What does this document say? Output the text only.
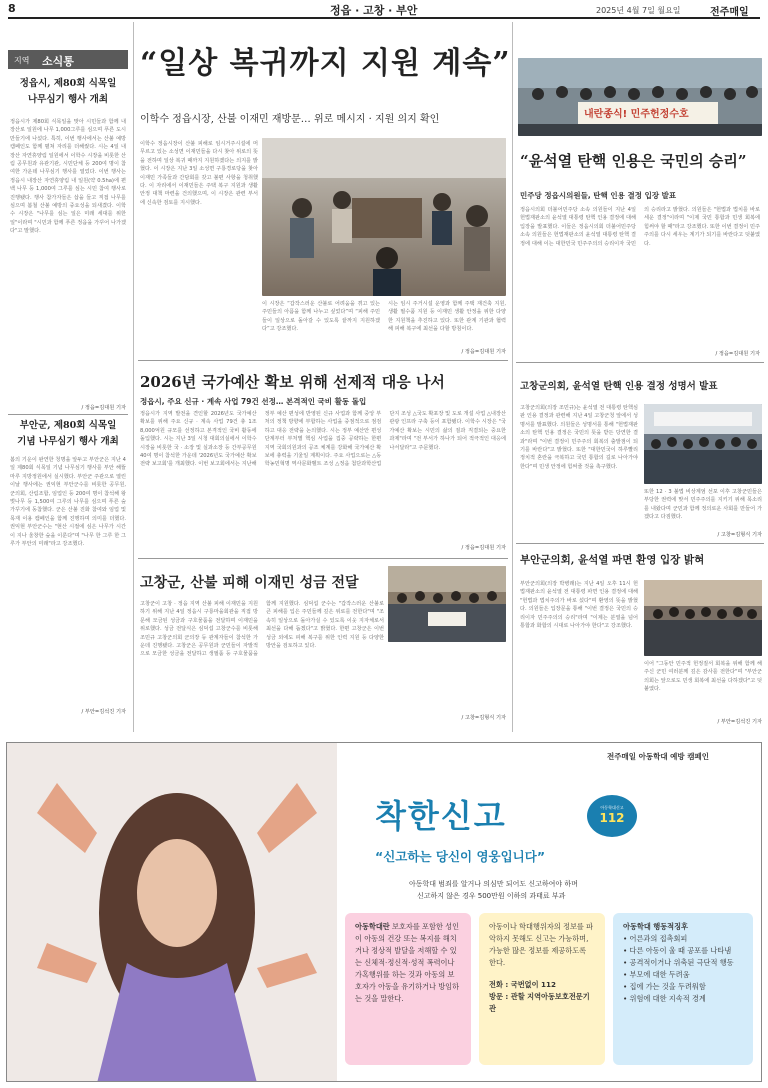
8	정읍 · 고창 · 부안	2025년 4월 7일 월요일	전주매일
지역 소식통
정읍시, 제80회 식목일
나무심기 행사 개최
정읍시가 제80회 식목일을 맞아 시민들과 함께 내장산로 일원에 나무 1,000그루를 심으며 푸른 도시 만들기에 나섰다. 특히, 이번 행사에서는 산불 예방 캠페인도 함께 펼쳐 자리를 더해줬다. 시는 4일 내장산 자연휴양림 일원에서 이학수 시장을 비롯한 산림 공무원과 유관기관, 시민단체 등 200여 명이 참여한 가운데 나무심기 행사를 열었다. 이번 행사는 정읍시 내장산 자연휴양림 내 일원(약 0.5ha)에 편백 나무 등 1,000여 그루를 심는 시민 참여 행사로 진행됐다. 행사 참가자들은 삽을 들고 직접 나무를 심으며 봄철 산불 예방의 중요성을 되새겼다. 이학수 시장은 "나무를 심는 일은 미래 세대를 위한 일"이라며 "시민과 함께 푸른 정읍을 가꾸어 나가겠다"고 말했다.
/ 정읍=김대원 기자
부안군, 제80회 식목일
기념 나무심기 행사 개최
봄의 기운이 완연한 청명을 앞두고 부안군은 지난 4일 제80회 식목일 기념 나무심기 행사를 부안 해뜰마루 지방정원에서 실시했다. 부안군 주관으로 열린 이날 행사에는 권익현 부안군수를 비롯한 공무원, 군의회, 산림조합, 임업인 등 200여 명이 참석해 왕벚나무 등 1,500여 그루의 나무를 심으며 푸른 숲 가꾸기에 동참했다. 군은 산불 진화 참여와 임업 및 목재 이용 캠페인을 함께 진행하며 의미를 더했다. 권익현 부안군수는 "현산 시절에 심은 나무가 시간이 지나 울창한 숲을 이룬다"며 "나무 한 그루 한 그루가 부안의 미래"라고 강조했다.
/ 부안=김석진 기자
“일상 복귀까지 지원 계속”
이학수 정읍시장, 산불 이재민 재방문… 위로 메시지 · 지원 의지 확인
이학수 정읍시장이 산불 피해로 임시거주시설에 머무르고 있는 소성면 이재민들을 다시 찾아 위로의 뜻을 전하며 일상 복귀 때까지 지원하겠다는 의지를 밝혔다. 이 시장은 지난 3일 소성면 구룡경로당을 찾아 이재민 가족들과 간담회를 갖고 불편 사항을 청취했다. 이 자리에서 이재민들은 주택 복구 지원과 생활 안정 대책 마련을 건의했으며, 이 시장은 관련 부서에 신속한 검토를 지시했다.
이 시장은 “갑작스러운 산불로 어려움을 겪고 있는 주민들의 아픔을 함께 나누고 싶었다”며 “피해 주민들이 일상으로 돌아갈 수 있도록 끝까지 지원하겠다”고 강조했다.
시는 임시 주거시설 운영과 함께 주택 재건축 지원, 생활 필수품 지원 등 이재민 생활 안정을 위한 다양한 지원책을 추진하고 있다. 또한 관계 기관과 협력해 피해 복구에 최선을 다할 방침이다.
/ 정읍=김대원 기자
내란종식! 민주헌정수호
“윤석열 탄핵 인용은 국민의 승리”
민주당 정읍시의원들, 탄핵 인용 결정 입장 발표
정읍시의회 더불어민주당 소속 의원들이 지난 4일 헌법재판소의 윤석열 대통령 탄핵 인용 결정에 대해 입장을 발표했다. 이들은 정읍시의회 더불어민주당 소속 의원들은 헌법재판소의 윤석열 대통령 탄핵 결정에 대해 이는 대한민국 민주주의의 승리이자 국민의 승리라고 밝혔다. 의원들은 "헌법과 법치를 바로 세운 결정"이라며 "이제 국민 통합과 민생 회복에 힘써야 할 때"라고 강조했다. 또한 이번 결정이 민주주의를 다시 세우는 계기가 되기를 바란다고 덧붙였다.
/ 정읍=김대원 기자
2026년 국가예산 확보 위해 선제적 대응 나서
정읍시, 주요 신규 · 계속 사업 79건 선정… 본격적인 국비 활동 돌입
정읍시가 지역 발전을 견인할 2026년도 국가예산 확보를 위해 주요 신규 · 계속 사업 79건 총 1조 8,000억원 규모를 선정하고 본격적인 국비 활동에 돌입했다. 시는 지난 3일 시청 대회의실에서 이학수 시장을 비롯한 국 · 소장 및 실과소장 등 간부공무원 40여 명이 참석한 가운데 '2026년도 국가예산 확보 전략 보고회'를 개최했다. 이번 보고회에서는 지난해 정부 예산 편성에 반영된 신규 사업과 함께 중앙 부처의 정책 방향에 부합하는 사업을 중점적으로 점검하고 대응 전략을 논의했다. 시는 정부 예산안 편성 단계부터 부처별 핵심 사업을 집중 공략하는 한편 지역 국회의원과의 공조 체계를 강화해 국가예산 확보에 총력을 기울일 계획이다. 주요 사업으로는 △동학농민혁명 역사문화벨트 조성 △정읍 첨단과학산업단지 조성 △국도 확포장 및 도로 개설 사업 △내장산 관광 인프라 구축 등이 포함됐다. 이학수 시장은 "국가예산 확보는 시민의 삶의 질과 직결되는 중요한 과제"라며 "전 부서가 하나가 되어 적극적인 대응에 나서달라"고 주문했다.
/ 정읍=김대원 기자
고창군, 산불 피해 이재민 성금 전달
고창군이 고창 · 정읍 지역 산불 피해 이재민을 지원하기 위해 지난 4일 정읍시 구룡마을회관을 직접 방문해 모금된 성금과 구호물품을 전달하며 이재민을 위로했다. 성금 전달식은 심덕섭 고창군수를 비롯해 조민규 고창군의회 군의장 등 관계자들이 참석한 가운데 진행됐다. 고창군은 공무원과 군민들이 자발적으로 모금한 성금을 전달하고 생필품 등 구호물품을 함께 지원했다. 심덕섭 군수는 "갑작스러운 산불로 큰 피해를 입은 주민들께 깊은 위로를 전한다"며 "조속히 일상으로 돌아가실 수 있도록 이웃 지자체로서 최선을 다해 돕겠다"고 밝혔다. 한편 고창군은 이번 성금 외에도 피해 복구를 위한 인력 지원 등 다양한 방안을 검토하고 있다.
/ 고창=김형식 기자
고창군의회, 윤석열 탄핵 인용 결정 성명서 발표
고창군의회(의장 조민규)는 윤석열 전 대통령 탄핵심판 인용 결정과 관련해 지난 4일 고창군청 앞에서 성명서를 발표했다. 의원들은 성명서를 통해 "헌법재판소의 탄핵 인용 결정은 국민의 뜻을 받든 당연한 결과"라며 "이번 결정이 민주주의 회복의 출발점이 되기를 바란다"고 밝혔다. 또한 "대한민국이 하루빨리 정치적 혼란을 극복하고 국민 통합의 길로 나아가야 한다"며 민생 안정에 힘써줄 것을 촉구했다.
또한 12 · 3 불법 비상계엄 선포 이후 고창군민들은 부당한 권력에 맞서 민주주의를 지키기 위해 목소리를 내왔다며 군민과 함께 정의로운 사회를 만들어 가겠다고 다짐했다.
/ 고창=김형식 기자
부안군의회, 윤석열 파면 환영 입장 밝혀
부안군의회(의장 박병래)는 지난 4일 오후 11시 헌법재판소의 윤석열 전 대통령 파면 인용 결정에 대해 "헌법과 법치주의가 바로 섰다"며 환영의 뜻을 밝혔다. 의원들은 입장문을 통해 "이번 결정은 국민의 승리이자 민주주의의 승리"라며 "이제는 분열을 넘어 통합과 화합의 시대로 나아가야 한다"고 강조했다.
이어 "그동안 민주적 헌정질서 회복을 위해 함께 해주신 군민 여러분께 깊은 감사를 전한다"며 "부안군의회는 앞으로도 민생 회복에 최선을 다하겠다"고 덧붙였다.
/ 부안=김석진 기자
전주매일 아동학대 예방 캠페인
착한신고	아동학대신고
112
“신고하는 당신이 영웅입니다”
아동학대 범죄를 알거나 의심만 되어도 신고하여야 하며
신고하지 않은 경우 500만원 이하의 과태료 부과
아동학대란 보호자를 포함한 성인이 아동의 건강 또는 복지를 해치거나 정상적 발달을 저해할 수 있는 신체적·정신적·성적 폭력이나 가혹행위를 하는 것과 아동의 보호자가 아동을 유기하거나 방임하는 것을 말한다.
아동이나 학대행위자의 정보를 파악하지 못해도 신고는 가능하며, 가능한 많은 정보를 제공하도록 한다.
전화 : 국번없이 112
방문 : 관할 지역아동보호전문기관
아동학대 행동적징후
• 어른과의 접촉회피
• 다른 아동이 울 때 공포를 나타냄
• 공격적이거나 위축된 극단적 행동
• 부모에 대한 두려움
• 집에 가는 것을 두려워함
• 위험에 대한 지속적 경계
